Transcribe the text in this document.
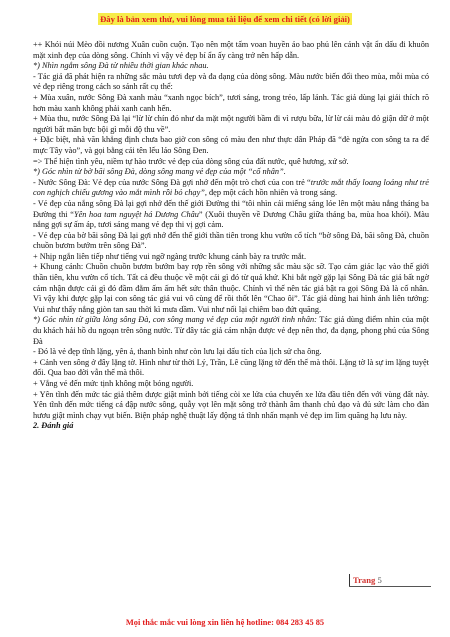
Đây là bản xem thử, vui lòng mua tài liệu để xem chi tiết (có lời giải)

++ Khói núi Mèo đồi nương Xuân cuồn cuộn. Tạo nên một tấm voan huyền ảo bao phủ lên cảnh vật ẩn dấu đi khuôn mặt xinh đẹp của dòng sông. Chính vì vậy vẻ đẹp bí ẩn ấy càng trở nên hấp dẫn.

*) Nhìn ngắm sông Đà từ nhiều thời gian khác nhau.

- Tác giả đã phát hiện ra những sắc màu tươi đẹp và đa dạng của dòng sông. Màu nước biến đổi theo mùa, mỗi mùa có vẻ đẹp riêng trong cách so sánh rất cụ thể:

+ Mùa xuân, nước Sông Đà xanh màu “xanh ngọc bích”, tươi sáng, trong trẻo, lấp lánh. Tác giả dùng lại giải thích rõ hơn màu xanh không phải xanh canh hến.

+ Mùa thu, nước Sông Đà lại “lừ lừ chín đỏ như da mặt một người bầm đi vì rượu bữa, lừ lừ cái màu đỏ giận dữ ở một người bất mãn bực bội gì mỗi độ thu về”.

+ Đặc biệt, nhà văn khẳng định chưa bao giờ con sông có màu đen như thực dân Pháp đã “đè ngửa con sông ta ra để mực Tây vào”, và gọi bằng cái tên lếu láo Sông Đen.

=> Thể hiện tình yêu, niềm tự hào trước vẻ đẹp của dòng sông của đất nước, quê hương, xứ sở.

*) Góc nhìn từ bờ bãi sông Đà, dòng sông mang vẻ đẹp của một “cố nhân”.

- Nước Sông Đà: Vẻ đẹp của nước Sông Đà gợi nhớ đến một trò chơi của con trẻ “trước mắt thấy loang loáng như trẻ con nghịch chiếu gương vào mắt mình rồi bỏ chạy”, đẹp một cách hồn nhiên và trong sáng.

- Vẻ đẹp của nắng sông Đà lại gợi nhớ đến thế giới Đường thi “tôi nhìn cái miếng sáng lóe lên một màu nắng tháng ba Đường thi “Yên hoa tam nguyệt há Dương Châu” (Xuôi thuyền về Dương Châu giữa tháng ba, mùa hoa khói). Màu nắng gợi sự ấm áp, tươi sáng mang vẻ đẹp thi vị gợi cảm.

- Vẻ đẹp của bờ bãi sông Đà lại gợi nhớ đến thế giới thần tiên trong khu vườn cổ tích “bờ sông Đà, bãi sông Đà, chuồn chuồn bươm bướm trên sông Đà”.

+ Nhịp ngắn liên tiếp như tiếng vui ngỡ ngàng trước khung cảnh bày ra trước mắt.

+ Khung cảnh: Chuồn chuồn bươm bướm bay rợp rền sông với những sắc màu sặc sỡ. Tạo cảm giác lạc vào thế giới thần tiên, khu vườn cổ tích. Tất cả đều thuộc về một cái gì đó từ quá khứ. Khi bắt ngờ gặp lại Sông Đà tác giả bất ngờ cảm nhận được cái gì đó đầm đằm ấm ấm hết sức thân thuộc. Chính vì thế nên tác giả bật ra gọi Sông Đà là cố nhân. Vì vậy khi được gặp lại con sông tác giả vui vô cùng để rồi thốt lên “Chao ôi”. Tác giả dùng hai hình ảnh liên tưởng: Vui như thấy nắng giòn tan sau thời kì mưa dầm. Vui như nối lại chiêm bao đứt quãng.

*) Góc nhìn từ giữa lòng sông Đà, con sông mang vẻ đẹp của một người tình nhân: Tác giả dùng điểm nhìn của một du khách hải hồ du ngoạn trên sông nước. Từ đây tác giả cảm nhận được vẻ đẹp nên thơ, đa dạng, phong phú của Sông Đà

- Đó là vẻ đẹp tĩnh lặng, yên ả, thanh bình như còn lưu lại dấu tích của lịch sử cha ông.

+ Cảnh ven sông ở đây lặng tờ. Hình như từ thời Lý, Trần, Lê cũng lặng tờ đến thế mà thôi. Lặng tờ là sự im lặng tuyệt đối. Qua bao đời vẫn thế mà thôi.

+ Vắng vẻ đến mức tịnh không một bóng người.

+ Yên tĩnh đến mức tác giả thêm được giật mình bởi tiếng còi xe lửa của chuyến xe lửa đầu tiên đến với vùng đất này. Yên tĩnh đến mức tiếng cá đập nước sông, quẫy vọt lên mặt sông trở thành âm thanh chủ đạo và đủ sức làm cho đàn hươu giật mình chạy vụt biến. Biện pháp nghệ thuật lấy động tả tĩnh nhấn mạnh vẻ đẹp im lìm quãng hạ lưu này.

2. Đánh giá

Trang 5
Mọi thắc mắc vui lòng xin liên hệ hotline: 084 283 45 85
